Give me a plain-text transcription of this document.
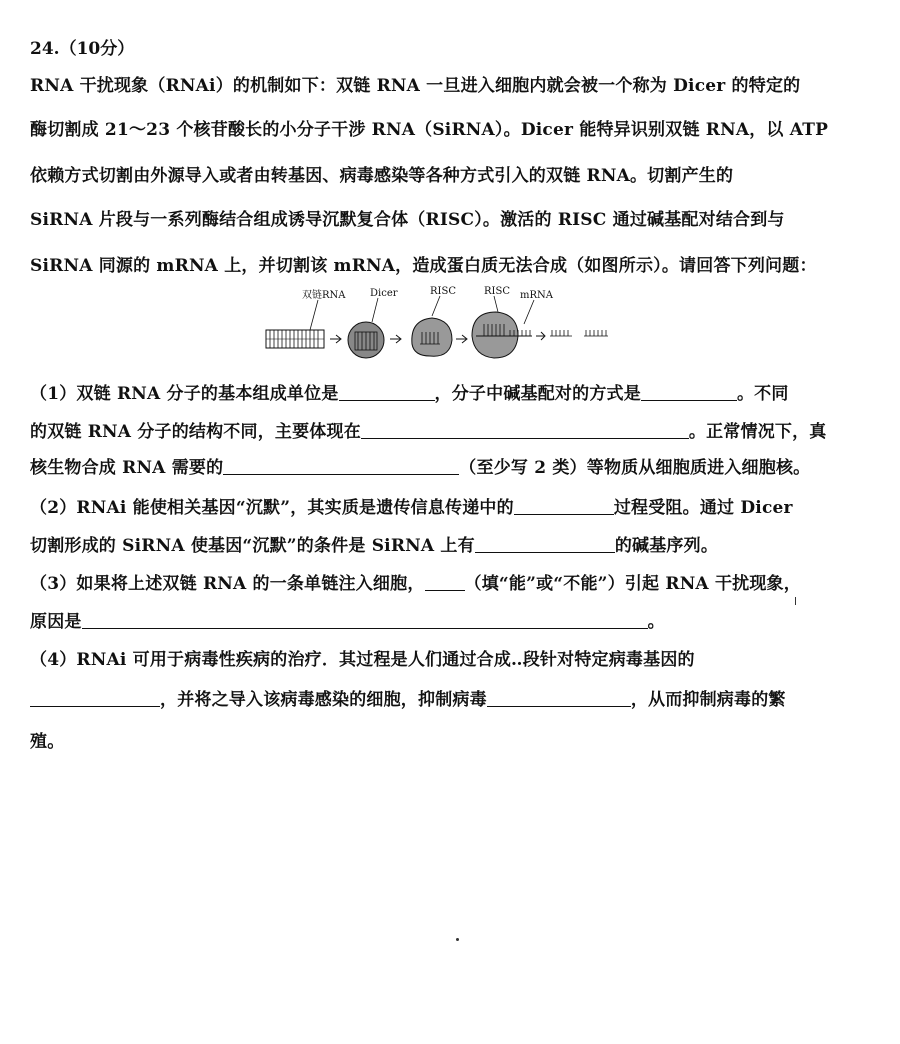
24.（10分）
RNA 干扰现象（RNAi）的机制如下：双链 RNA 一旦进入细胞内就会被一个称为 Dicer 的特定的
酶切割成 21～23 个核苷酸长的小分子干涉 RNA（SiRNA）。Dicer 能特异识别双链 RNA，以 ATP
依赖方式切割由外源导入或者由转基因、病毒感染等各种方式引入的双链 RNA。切割产生的
SiRNA 片段与一系列酶结合组成诱导沉默复合体（RISC）。激活的 RISC 通过碱基配对结合到与
SiRNA 同源的 mRNA 上，并切割该 mRNA，造成蛋白质无法合成（如图所示）。请回答下列问题：
双链RNA Dicer	RISC	RISC mRNA
（1）双链 RNA 分子的基本组成单位是	，分子中碱基配对的方式是	。不同
的双链 RNA 分子的结构不同，主要体现在	。正常情况下，真
核生物合成 RNA 需要的	（至少写 2 类）等物质从细胞质进入细胞核。
（2）RNAi 能使相关基因“沉默”，其实质是遗传信息传递中的	过程受阻。通过 Dicer
切割形成的 SiRNA 使基因“沉默”的条件是 SiRNA 上有	的碱基序列。
（3）如果将上述双链 RNA 的一条单链注入细胞， （填“能”或“不能”）引起 RNA 干扰现象，
原因是	。
（4）RNAi 可用于病毒性疾病的治疗．其过程是人们通过合成‥段针对特定病毒基因的
，并将之导入该病毒感染的细胞，抑制病毒	，从而抑制病毒的繁
殖。
